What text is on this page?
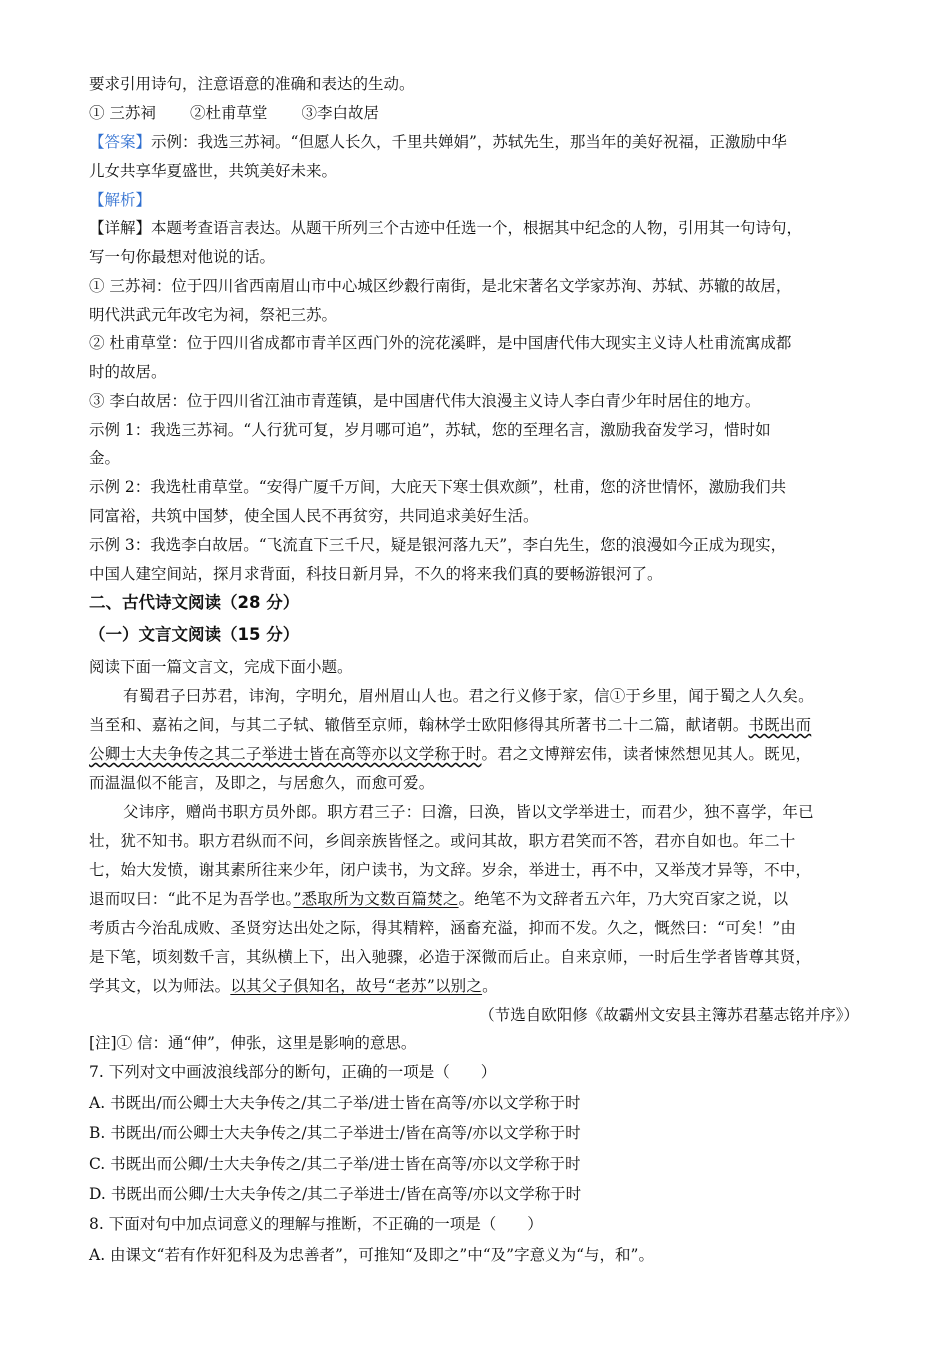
要求引用诗句，注意语意的准确和表达的生动。
① 三苏祠 ②杜甫草堂 ③李白故居
【答案】示例：我选三苏祠。“但愿人长久，千里共婵娟”，苏轼先生，那当年的美好祝福，正激励中华
儿女共享华夏盛世，共筑美好未来。
【解析】
【详解】本题考查语言表达。从题干所列三个古迹中任选一个，根据其中纪念的人物，引用其一句诗句，
写一句你最想对他说的话。
① 三苏祠：位于四川省西南眉山市中心城区纱縠行南街，是北宋著名文学家苏洵、苏轼、苏辙的故居，
明代洪武元年改宅为祠，祭祀三苏。
② 杜甫草堂：位于四川省成都市青羊区西门外的浣花溪畔，是中国唐代伟大现实主义诗人杜甫流寓成都
时的故居。
③ 李白故居：位于四川省江油市青莲镇，是中国唐代伟大浪漫主义诗人李白青少年时居住的地方。
示例 1：我选三苏祠。“人行犹可复，岁月哪可追”，苏轼，您的至理名言，激励我奋发学习，惜时如
金。
示例 2：我选杜甫草堂。“安得广厦千万间，大庇天下寒士俱欢颜”，杜甫，您的济世情怀，激励我们共
同富裕，共筑中国梦，使全国人民不再贫穷，共同追求美好生活。
示例 3：我选李白故居。“飞流直下三千尺，疑是银河落九天”，李白先生，您的浪漫如今正成为现实，
中国人建空间站，探月求背面，科技日新月异，不久的将来我们真的要畅游银河了。
二、古代诗文阅读（28 分）
（一）文言文阅读（15 分）
阅读下面一篇文言文，完成下面小题。
有蜀君子曰苏君，讳洵，字明允，眉州眉山人也。君之行义修于家，信①于乡里，闻于蜀之人久矣。
当至和、嘉祐之间，与其二子轼、辙偕至京师，翰林学士欧阳修得其所著书二十二篇，献诸朝。书既出而
公卿士大夫争传之其二子举进士皆在高等亦以文学称于时。君之文博辩宏伟，读者悚然想见其人。既见，
而温温似不能言，及即之，与居愈久，而愈可爱。
父讳序，赠尚书职方员外郎。职方君三子：曰澹，曰涣，皆以文学举进士，而君少，独不喜学，年已
壮，犹不知书。职方君纵而不问，乡闾亲族皆怪之。或问其故，职方君笑而不答，君亦自如也。年二十
七，始大发愤，谢其素所往来少年，闭户读书，为文辞。岁余，举进士，再不中，又举茂才异等，不中，
退而叹曰：“此不足为吾学也。”悉取所为文数百篇焚之。绝笔不为文辞者五六年，乃大究百家之说，以
考质古今治乱成败、圣贤穷达出处之际，得其精粹，涵畜充溢，抑而不发。久之，慨然曰：“可矣！”由
是下笔，顷刻数千言，其纵横上下，出入驰骤，必造于深微而后止。自来京师，一时后生学者皆尊其贤，
学其文，以为师法。以其父子俱知名，故号“老苏”以别之。
（节选自欧阳修《故霸州文安县主簿苏君墓志铭并序》）
[注]① 信：通“伸”，伸张，这里是影响的意思。
7. 下列对文中画波浪线部分的断句，正确的一项是（　　）
A. 书既出/而公卿士大夫争传之/其二子举/进士皆在高等/亦以文学称于时
B. 书既出/而公卿士大夫争传之/其二子举进士/皆在高等/亦以文学称于时
C. 书既出而公卿/士大夫争传之/其二子举/进士皆在高等/亦以文学称于时
D. 书既出而公卿/士大夫争传之/其二子举进士/皆在高等/亦以文学称于时
8. 下面对句中加点词意义的理解与推断，不正确的一项是（　　）
A. 由课文“若有作奸犯科及为忠善者”，可推知“及即之”中“及”字意义为“与，和”。
